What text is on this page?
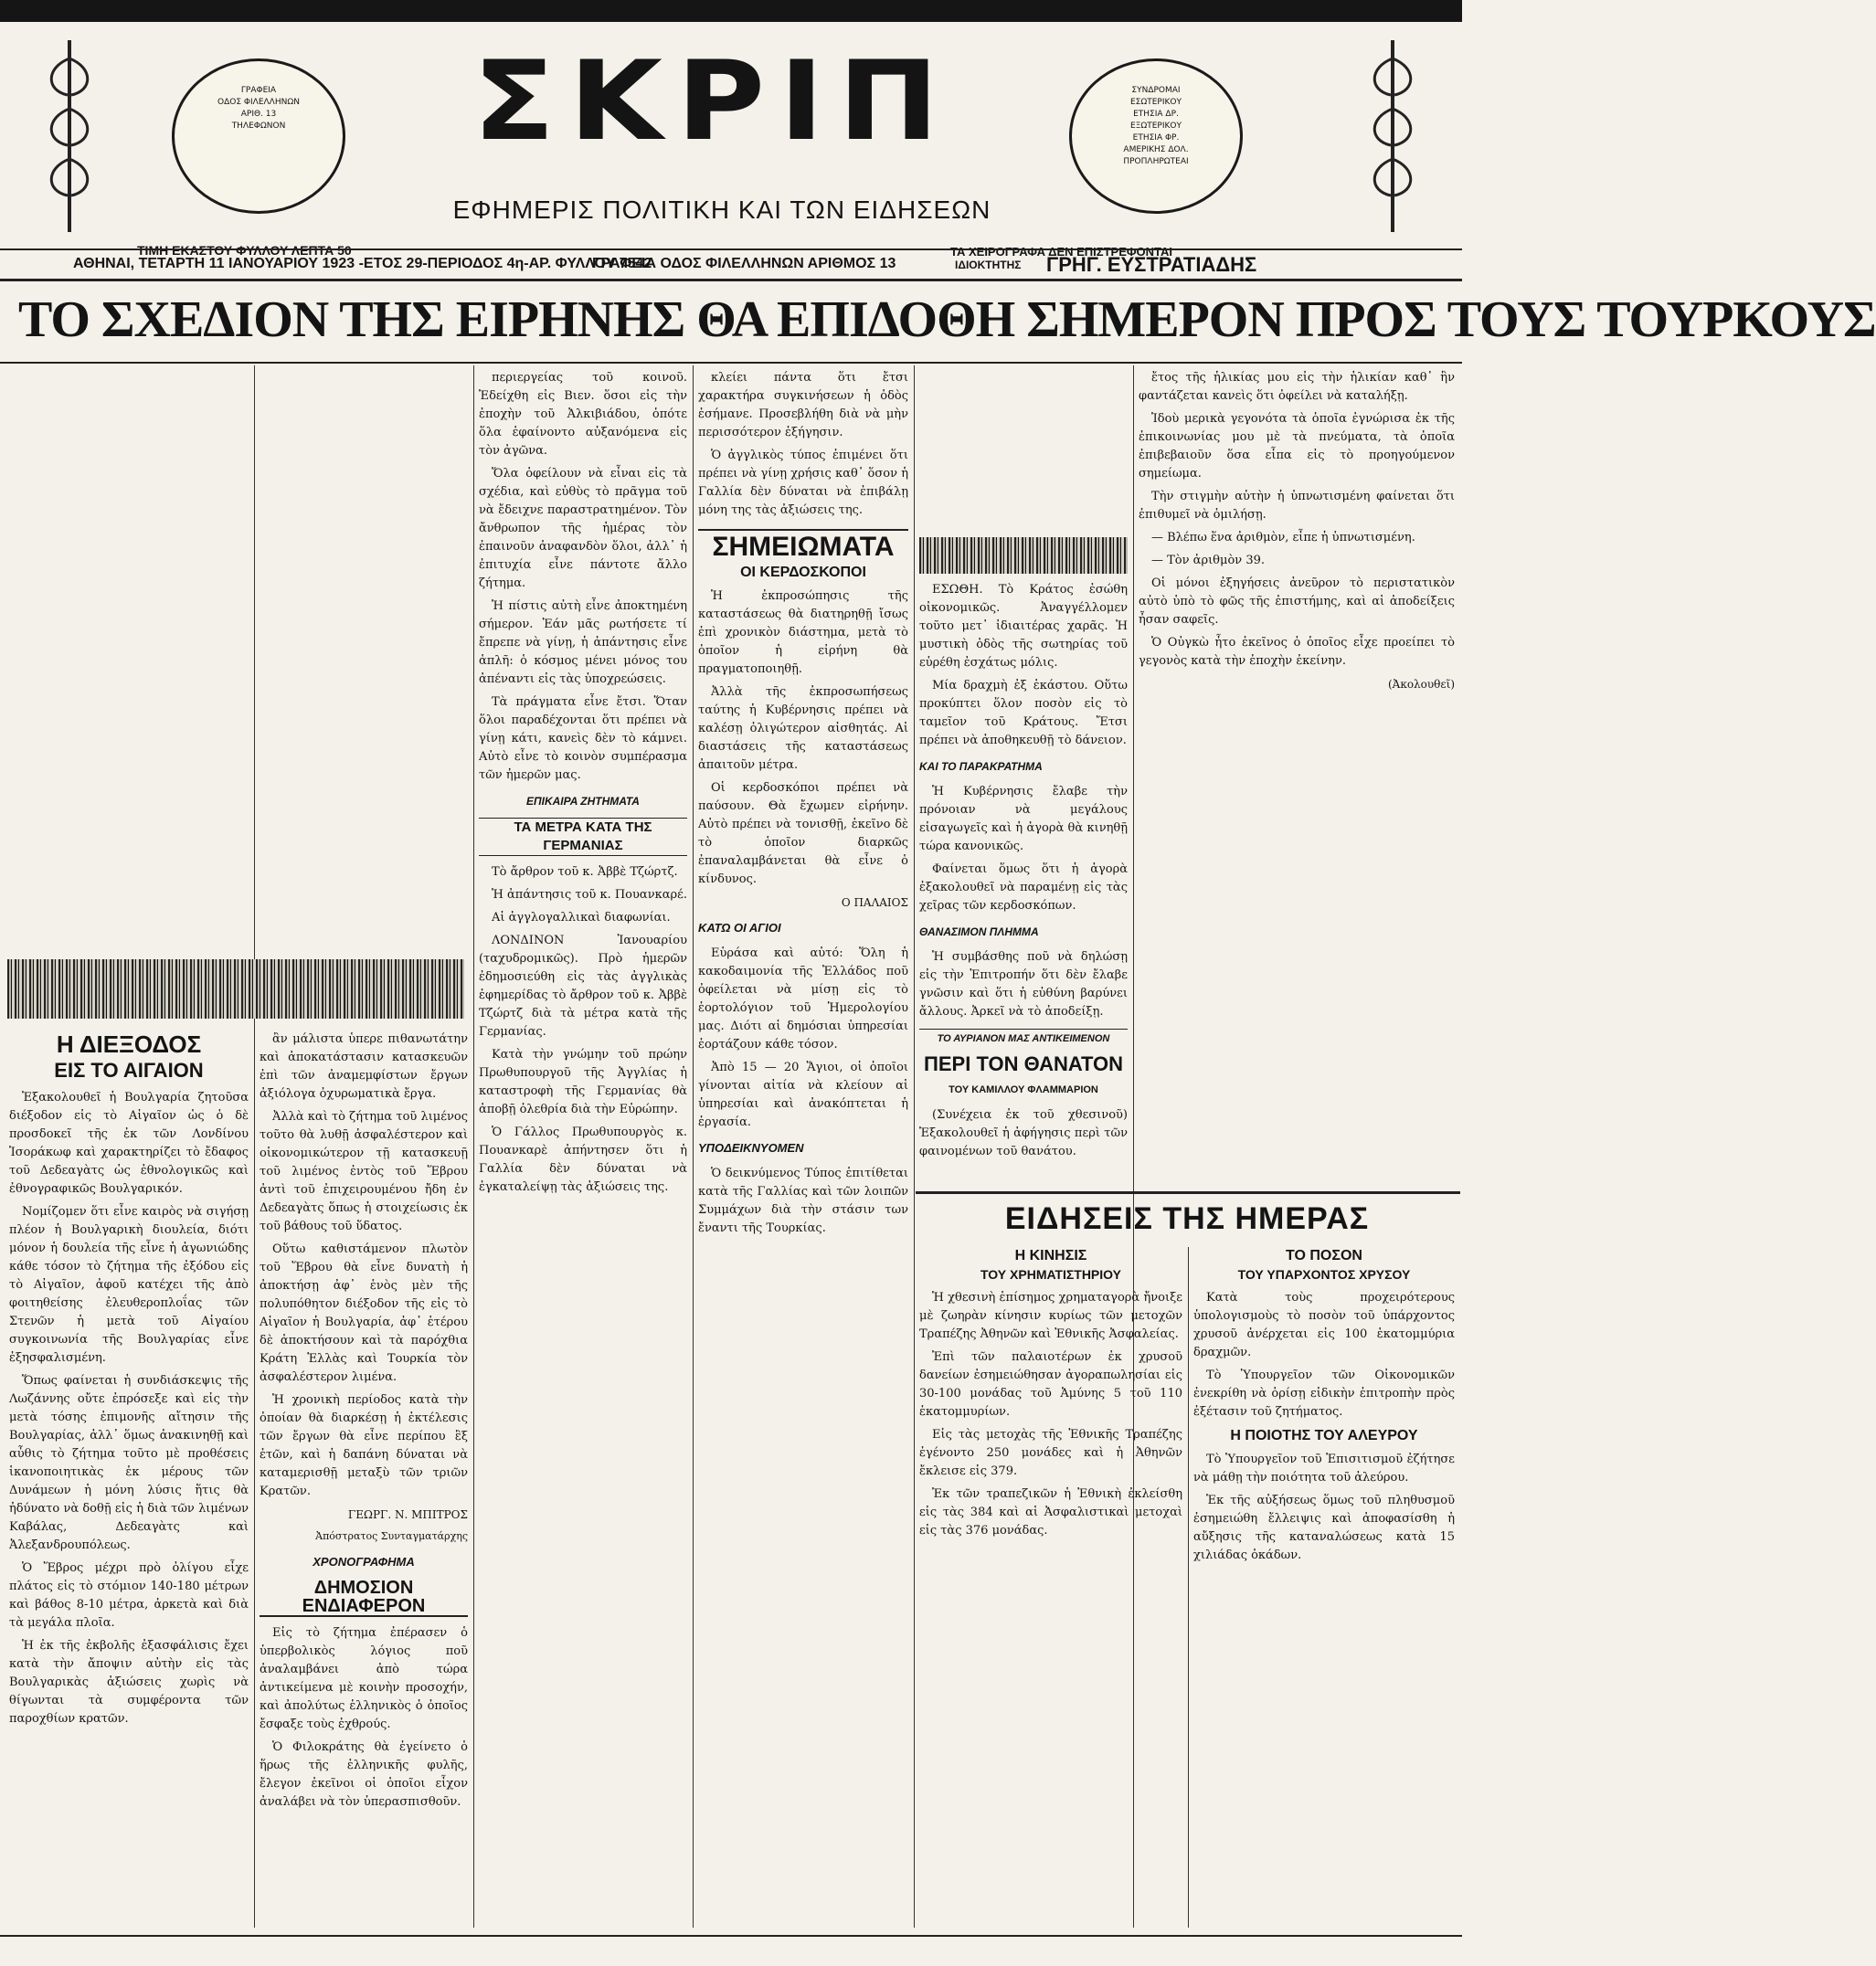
ΓΡΑΦΕΙΑ
ΟΔΟΣ ΦΙΛΕΛΛΗΝΩΝ
ΑΡΙΘ. 13
ΤΗΛΕΦΩΝΟΝ
ΣΥΝΔΡΟΜΑΙ
ΕΣΩΤΕΡΙΚΟΥ
ΕΤΗΣΙΑ ΔΡ.
ΕΞΩΤΕΡΙΚΟΥ
ΕΤΗΣΙΑ ΦΡ.
ΑΜΕΡΙΚΗΣ ΔΟΛ.
ΠΡΟΠΛΗΡΩΤΕΑΙ
ΣΚΡΙΠ
ΕΦΗΜΕΡΙΣ ΠΟΛΙΤΙΚΗ ΚΑΙ ΤΩΝ ΕΙΔΗΣΕΩΝ
ΤΙΜΗ ΕΚΑΣΤΟΥ ΦΥΛΛΟΥ ΛΕΠΤΑ 50	ΤΑ ΧΕΙΡΟΓΡΑΦΑ ΔΕΝ ΕΠΙΣΤΡΕΦΟΝΤΑΙ
ΑΘΗΝΑΙ, ΤΕΤΑΡΤΗ 11 ΙΑΝΟΥΑΡΙΟΥ 1923 -ΕΤΟΣ 29-ΠΕΡΙΟΔΟΣ 4η-ΑΡ. ΦΥΛΛΟΥ 7542
ΓΡΑΦΕΙΑ ΟΔΟΣ ΦΙΛΕΛΛΗΝΩΝ ΑΡΙΘΜΟΣ 13	ΙΔΙΟΚΤΗΤΗΣ ΓΡΗΓ. ΕΥΣΤΡΑΤΙΑΔΗΣ
ΤΟ ΣΧΕΔΙΟΝ ΤΗΣ ΕΙΡΗΝΗΣ ΘΑ ΕΠΙΔΟΘΗ ΣΗΜΕΡΟΝ ΠΡΟΣ ΤΟΥΣ ΤΟΥΡΚΟΥΣ
Η ΔΙΕΞΟΔΟΣ
ΕΙΣ ΤΟ ΑΙΓΑΙΟΝ

Ἐξακολουθεῖ ἡ Βουλγαρία ζητοῦσα διέξοδον εἰς τὸ Αἰγαῖον ὡς ὁ δὲ προσδοκεῖ τῆς ἐκ τῶν Λονδίνου Ἰσοράκωφ καὶ χαρακτηρίζει τὸ ἔδαφος τοῦ Δεδεαγὰτς ὡς ἐθνολογικῶς καὶ ἐθνογραφικῶς Βουλγαρικόν.

Νομίζομεν ὅτι εἶνε καιρὸς νὰ σιγήσῃ πλέον ἡ Βουλγαρικὴ διουλεία, διότι μόνον ἡ δουλεία τῆς εἶνε ἡ ἀγωνιώδης κάθε τόσον τὸ ζήτημα τῆς ἐξόδου εἰς τὸ Αἰγαῖον, ἀφοῦ κατέχει τῆς ἀπὸ φοιτηθείσης ἐλευθεροπλοΐας τῶν Στενῶν ἡ μετὰ τοῦ Αἰγαίου συγκοινωνία τῆς Βουλγαρίας εἶνε ἐξησφαλισμένη.

Ὅπως φαίνεται ἡ συνδιάσκεψις τῆς Λωζάννης οὔτε ἐπρόσεξε καὶ εἰς τὴν μετὰ τόσης ἐπιμονῆς αἴτησιν τῆς Βουλγαρίας, ἀλλ᾽ ὅμως ἀνακινηθῇ καὶ αὖθις τὸ ζήτημα τοῦτο μὲ προθέσεις ἱκανοποιητικὰς ἐκ μέρους τῶν Δυνάμεων ἡ μόνη λύσις ἥτις θὰ ἠδύνατο νὰ δοθῇ εἰς ἡ διὰ τῶν λιμένων Καβάλας, Δεδεαγὰτς καὶ Ἀλεξανδρουπόλεως.

Ὁ Ἕβρος μέχρι πρὸ ὀλίγου εἶχε πλάτος εἰς τὸ στόμιον 140-180 μέτρων καὶ βάθος 8-10 μέτρα, ἀρκετὰ καὶ διὰ τὰ μεγάλα πλοῖα.

Ἡ ἐκ τῆς ἐκβολῆς ἐξασφάλισις ἔχει κατὰ τὴν ἄποψιν αὐτὴν εἰς τὰς Βουλγαρικὰς ἀξιώσεις χωρὶς νὰ θίγωνται τὰ συμφέροντα τῶν παροχθίων κρατῶν.

ἂν μάλιστα ὑπερε πιθανωτάτην καὶ ἀποκατάστασιν κατασκευῶν ἐπὶ τῶν ἀναμεμφίστων ἔργων ἀξιόλογα ὀχυρωματικὰ ἔργα.

Ἀλλὰ καὶ τὸ ζήτημα τοῦ λιμένος τοῦτο θὰ λυθῇ ἀσφαλέστερον καὶ οἰκονομικώτερον τῇ κατασκευῇ τοῦ λιμένος ἐντὸς τοῦ Ἕβρου ἀντὶ τοῦ ἐπιχειρουμένου ἤδη ἐν Δεδεαγὰτς ὅπως ἡ στοιχείωσις ἐκ τοῦ βάθους τοῦ ὕδατος.

Οὕτω καθιστάμενον πλωτὸν τοῦ Ἕβρου θὰ εἶνε δυνατὴ ἡ ἀποκτήσῃ ἀφ᾽ ἑνὸς μὲν τῆς πολυπόθητον διέξοδον τῆς εἰς τὸ Αἰγαῖον ἡ Βουλγαρία, ἀφ᾽ ἑτέρου δὲ ἀποκτήσουν καὶ τὰ παρόχθια Κράτη Ἑλλὰς καὶ Τουρκία τὸν ἀσφαλέστερον λιμένα.

Ἡ χρονικὴ περίοδος κατὰ τὴν ὁποίαν θὰ διαρκέσῃ ἡ ἐκτέλεσις τῶν ἔργων θὰ εἶνε περίπου ἓξ ἐτῶν, καὶ ἡ δαπάνη δύναται νὰ καταμερισθῇ μεταξὺ τῶν τριῶν Κρατῶν.

ΓΕΩΡΓ. Ν. ΜΠΙΤΡΟΣ
Ἀπόστρατος Συνταγματάρχης
ΧΡΟΝΟΓΡΑΦΗΜΑ
ΔΗΜΟΣΙΟΝ ΕΝΔΙΑΦΕΡΟΝ

Εἰς τὸ ζήτημα ἐπέρασεν ὁ ὑπερβολικὸς λόγιος ποῦ ἀναλαμβάνει ἀπὸ τώρα ἀντικείμενα μὲ κοινὴν προσοχήν, καὶ ἀπολύτως ἑλληνικὸς ὁ ὁποῖος ἔσφαξε τοὺς ἐχθρούς.

Ὁ Φιλοκράτης θὰ ἐγείνετο ὁ ἥρως τῆς ἑλληνικῆς φυλῆς, ἔλεγον ἐκεῖνοι οἱ ὁποῖοι εἶχον ἀναλάβει νὰ τὸν ὑπερασπισθοῦν.

περιεργείας τοῦ κοινοῦ. Ἐδείχθη εἰς Βιεν. ὅσοι εἰς τὴν ἐποχὴν τοῦ Ἀλκιβιάδου, ὁπότε ὅλα ἐφαίνοντο αὐξανόμενα εἰς τὸν ἀγῶνα.

Ὅλα ὀφείλουν νὰ εἶναι εἰς τὰ σχέδια, καὶ εὐθὺς τὸ πρᾶγμα τοῦ νὰ ἔδειχνε παραστρατημένον. Τὸν ἄνθρωπον τῆς ἡμέρας τὸν ἐπαινοῦν ἀναφανδὸν ὅλοι, ἀλλ᾽ ἡ ἐπιτυχία εἶνε πάντοτε ἄλλο ζήτημα.

Ἡ πίστις αὐτὴ εἶνε ἀποκτημένη σήμερον. Ἐάν μᾶς ρωτήσετε τί ἔπρεπε νὰ γίνῃ, ἡ ἀπάντησις εἶνε ἁπλῆ: ὁ κόσμος μένει μόνος του ἀπέναντι εἰς τὰς ὑποχρεώσεις.

Τὰ πράγματα εἶνε ἔτσι. Ὅταν ὅλοι παραδέχονται ὅτι πρέπει νὰ γίνῃ κάτι, κανεὶς δὲν τὸ κάμνει. Αὐτὸ εἶνε τὸ κοινὸν συμπέρασμα τῶν ἡμερῶν μας.

ΕΠΙΚΑΙΡΑ ΖΗΤΗΜΑΤΑ
ΤΑ ΜΕΤΡΑ ΚΑΤΑ ΤΗΣ ΓΕΡΜΑΝΙΑΣ

Τὸ ἄρθρον τοῦ κ. Ἀββὲ Τζώρτζ.

Ἡ ἀπάντησις τοῦ κ. Πουανκαρέ.

Αἱ ἀγγλογαλλικαὶ διαφωνίαι.

ΛΟΝΔΙΝΟΝ Ἰανουαρίου (ταχυδρομικῶς). Πρὸ ἡμερῶν ἐδημοσιεύθη εἰς τὰς ἀγγλικὰς ἐφημερίδας τὸ ἄρθρον τοῦ κ. Ἀββὲ Τζώρτζ διὰ τὰ μέτρα κατὰ τῆς Γερμανίας.

Κατὰ τὴν γνώμην τοῦ πρώην Πρωθυπουργοῦ τῆς Ἀγγλίας ἡ καταστροφὴ τῆς Γερμανίας θὰ ἀποβῇ ὀλεθρία διὰ τὴν Εὐρώπην.

Ὁ Γάλλος Πρωθυπουργὸς κ. Πουανκαρὲ ἀπήντησεν ὅτι ἡ Γαλλία δὲν δύναται νὰ ἐγκαταλείψῃ τὰς ἀξιώσεις της.

κλείει πάντα ὅτι ἔτσι χαρακτήρα συγκινήσεων ἡ ὁδὸς ἐσήμανε. Προσεβλήθη διὰ νὰ μὴν περισσότερον ἐξήγησιν.

Ὁ ἀγγλικὸς τύπος ἐπιμένει ὅτι πρέπει νὰ γίνῃ χρήσις καθ᾽ ὅσον ἡ Γαλλία δὲν δύναται νὰ ἐπιβάλῃ μόνη της τὰς ἀξιώσεις της.

ΣΗΜΕΙΩΜΑΤΑ
ΟΙ ΚΕΡΔΟΣΚΟΠΟΙ

Ἡ ἐκπροσώπησις τῆς καταστάσεως θὰ διατηρηθῇ ἴσως ἐπὶ χρονικὸν διάστημα, μετὰ τὸ ὁποῖον ἡ εἰρήνη θὰ πραγματοποιηθῇ.

Ἀλλὰ τῆς ἐκπροσωπήσεως ταύτης ἡ Κυβέρνησις πρέπει νὰ καλέσῃ ὀλιγώτερον αἰσθητάς. Αἱ διαστάσεις τῆς καταστάσεως ἀπαιτοῦν μέτρα.

Οἱ κερδοσκόποι πρέπει νὰ παύσουν. Θὰ ἔχωμεν εἰρήνην. Αὐτὸ πρέπει νὰ τονισθῇ, ἐκεῖνο δὲ τὸ ὁποῖον διαρκῶς ἐπαναλαμβάνεται θὰ εἶνε ὁ κίνδυνος.

Ο ΠΑΛΑΙΟΣ
ΚΑΤΩ ΟΙ ΑΓΙΟΙ

Εὑράσα καὶ αὐτό: Ὅλη ἡ κακοδαιμονία τῆς Ἑλλάδος ποῦ ὀφείλεται νὰ μίσῃ εἰς τὸ ἑορτολόγιον τοῦ Ἡμερολογίου μας. Διότι αἱ δημόσιαι ὑπηρεσίαι ἑορτάζουν κάθε τόσον.

Ἀπὸ 15 — 20 Ἅγιοι, οἱ ὁποῖοι γίνονται αἰτία νὰ κλείουν αἱ ὑπηρεσίαι καὶ ἀνακόπτεται ἡ ἐργασία.

ΥΠΟΔΕΙΚΝΥΟΜΕΝ

Ὁ δεικνύμενος Τύπος ἐπιτίθεται κατὰ τῆς Γαλλίας καὶ τῶν λοιπῶν Συμμάχων διὰ τὴν στάσιν των ἔναντι τῆς Τουρκίας.

ΕΣΩΘΗ. Τὸ Κράτος ἐσώθη οἰκονομικῶς. Ἀναγγέλλομεν τοῦτο μετ᾽ ἰδιαιτέρας χαρᾶς. Ἡ μυστικὴ ὁδὸς τῆς σωτηρίας τοῦ εὑρέθη ἐσχάτως μόλις.

Μία δραχμὴ ἐξ ἑκάστου. Οὕτω προκύπτει ὅλον ποσὸν εἰς τὸ ταμεῖον τοῦ Κράτους. Ἔτσι πρέπει νὰ ἀποθηκευθῇ τὸ δάνειον.

ΚΑΙ ΤΟ ΠΑΡΑΚΡΑΤΗΜΑ

Ἡ Κυβέρνησις ἔλαβε τὴν πρόνοιαν νὰ μεγάλους εἰσαγωγεῖς καὶ ἡ ἀγορὰ θὰ κινηθῇ τώρα κανονικῶς.

Φαίνεται ὅμως ὅτι ἡ ἀγορὰ ἐξακολουθεῖ νὰ παραμένῃ εἰς τὰς χεῖρας τῶν κερδοσκόπων.

ΘΑΝΑΣΙΜΟΝ ΠΛΗΜΜΑ

Ἡ συμβάσθης ποῦ νὰ δηλώσῃ εἰς τὴν Ἐπιτροπήν ὅτι δὲν ἔλαβε γνῶσιν καὶ ὅτι ἡ εὐθύνη βαρύνει ἄλλους. Ἀρκεῖ νὰ τὸ ἀποδείξῃ.

ΤΟ ΑΥΡΙΑΝΟΝ ΜΑΣ ΑΝΤΙΚΕΙΜΕΝΟΝ
ΠΕΡΙ ΤΟΝ ΘΑΝΑΤΟΝ
ΤΟΥ ΚΑΜΙΛΛΟΥ ΦΛΑΜΜΑΡΙΟΝ

(Συνέχεια ἐκ τοῦ χθεσινοῦ) Ἐξακολουθεῖ ἡ ἀφήγησις περὶ τῶν φαινομένων τοῦ θανάτου.

ἔτος τῆς ἡλικίας μου εἰς τὴν ἡλικίαν καθ᾽ ἣν φαντάζεται κανεὶς ὅτι ὀφείλει νὰ καταλήξῃ.

Ἰδοὺ μερικὰ γεγονότα τὰ ὁποῖα ἐγνώρισα ἐκ τῆς ἐπικοινωνίας μου μὲ τὰ πνεύματα, τὰ ὁποῖα ἐπιβεβαιοῦν ὅσα εἶπα εἰς τὸ προηγούμενον σημείωμα.

Τὴν στιγμὴν αὐτὴν ἡ ὑπνωτισμένη φαίνεται ὅτι ἐπιθυμεῖ νὰ ὁμιλήσῃ.

— Βλέπω ἕνα ἀριθμὸν, εἶπε ἡ ὑπνωτισμένη.

— Τὸν ἀριθμὸν 39.

Οἱ μόνοι ἐξηγήσεις ἀνεῦρον τὸ περιστατικὸν αὐτὸ ὑπὸ τὸ φῶς τῆς ἐπιστήμης, καὶ αἱ ἀποδείξεις ἦσαν σαφεῖς.

Ὁ Οὐγκὼ ἦτο ἐκεῖνος ὁ ὁποῖος εἶχε προείπει τὸ γεγονὸς κατὰ τὴν ἐποχὴν ἐκείνην.

(Ἀκολουθεῖ)
ΕΙΔΗΣΕΙΣ ΤΗΣ ΗΜΕΡΑΣ
Η ΚΙΝΗΣΙΣ
ΤΟΥ ΧΡΗΜΑΤΙΣΤΗΡΙΟΥ

Ἡ χθεσινὴ ἐπίσημος χρηματαγορὰ ἤνοιξε μὲ ζωηρὰν κίνησιν κυρίως τῶν μετοχῶν Τραπέζης Ἀθηνῶν καὶ Ἐθνικῆς Ἀσφαλείας.

Ἐπὶ τῶν παλαιοτέρων ἐκ χρυσοῦ δανείων ἐσημειώθησαν ἀγοραπωλησίαι εἰς 30-100 μονάδας τοῦ Ἀμύνης 5 τοῦ 110 ἑκατομμυρίων.

Εἰς τὰς μετοχὰς τῆς Ἐθνικῆς Τραπέζης ἐγένοντο 250 μονάδες καὶ ἡ Ἀθηνῶν ἔκλεισε εἰς 379.

Ἐκ τῶν τραπεζικῶν ἡ Ἐθνικὴ ἐκλείσθη εἰς τὰς 384 καὶ αἱ Ἀσφαλιστικαὶ μετοχαὶ εἰς τὰς 376 μονάδας.

ΤΟ ΠΟΣΟΝ
ΤΟΥ ΥΠΑΡΧΟΝΤΟΣ ΧΡΥΣΟΥ

Κατὰ τοὺς προχειρότερους ὑπολογισμοὺς τὸ ποσὸν τοῦ ὑπάρχοντος χρυσοῦ ἀνέρχεται εἰς 100 ἑκατομμύρια δραχμῶν.

Τὸ Ὑπουργεῖον τῶν Οἰκονομικῶν ἐνεκρίθη νὰ ὁρίσῃ εἰδικὴν ἐπιτροπὴν πρὸς ἐξέτασιν τοῦ ζητήματος.

Η ΠΟΙΟΤΗΣ ΤΟΥ ΑΛΕΥΡΟΥ

Τὸ Ὑπουργεῖον τοῦ Ἐπισιτισμοῦ ἐζήτησε νὰ μάθῃ τὴν ποιότητα τοῦ ἀλεύρου.

Ἐκ τῆς αὐξήσεως ὅμως τοῦ πληθυσμοῦ ἐσημειώθη ἔλλειψις καὶ ἀποφασίσθη ἡ αὔξησις τῆς καταναλώσεως κατὰ 15 χιλιάδας ὀκάδων.
